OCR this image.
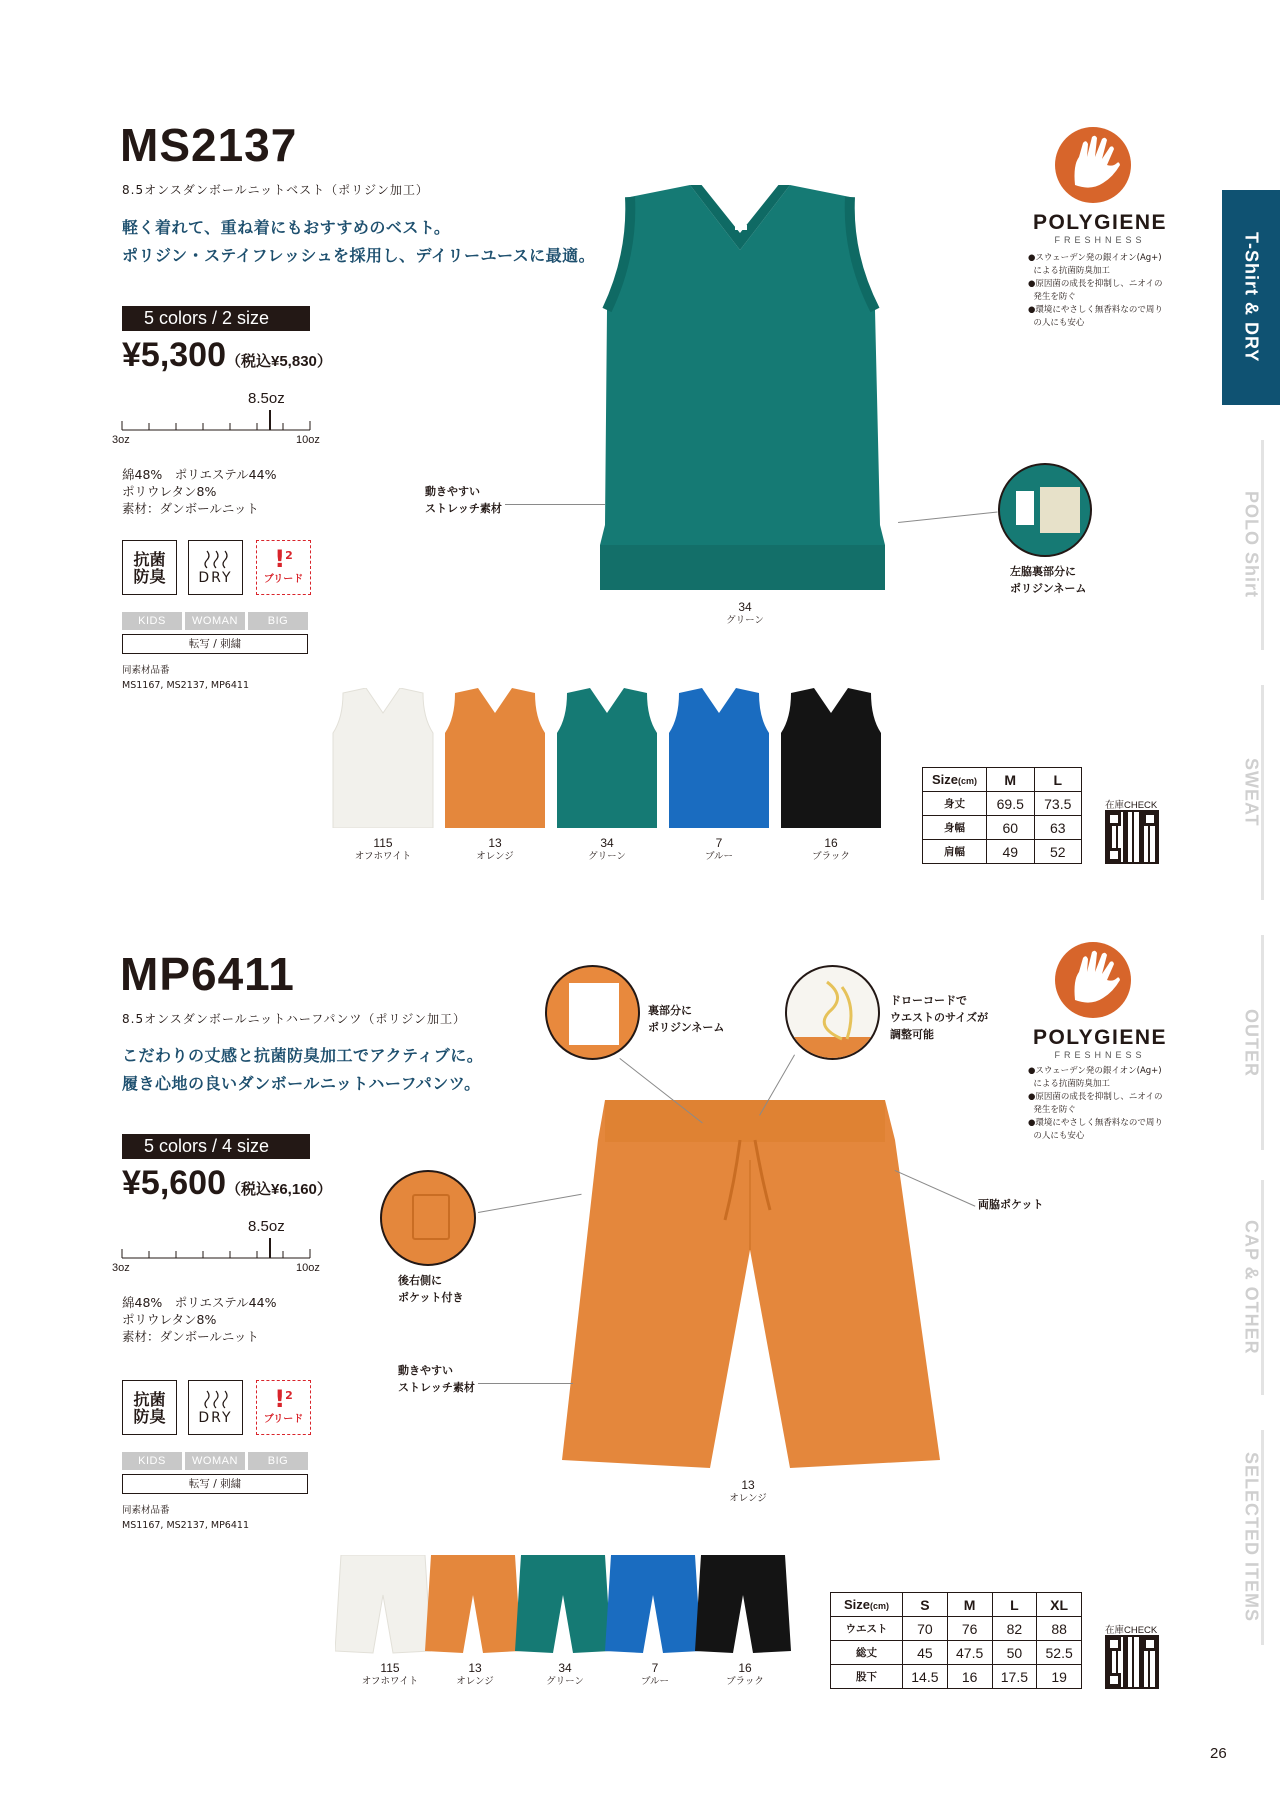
T-Shirt & DRY
POLO Shirt
SWEAT
OUTER
CAP & OTHER
SELECTED ITEMS
26
MS2137
8.5オンスダンボールニットベスト（ポリジン加工）
軽く着れて、重ね着にもおすすめのベスト。
ポリジン・ステイフレッシュを採用し、デイリーユースに最適。
5 colors / 2 size
¥5,300（税込¥5,830）
8.5oz
3oz	10oz
綿48%　ポリエステル44%
ポリウレタン8%
素材：ダンボールニット
抗菌防臭 DRY
! 2
ブリード
KIDS	WOMAN	BIG
転写 / 刺繍
同素材品番
MS1167, MS2137, MP6411
34
グリーン
動きやすい
ストレッチ素材
左脇裏部分に
ポリジンネーム
POLYGIENE
FRESHNESS
●スウェーデン発の銀イオン(Ag+)
による抗菌防臭加工
●原因菌の成長を抑制し、ニオイの
発生を防ぐ
●環境にやさしく無香料なので周り
の人にも安心
115
オフホワイト
13
オレンジ
34
グリーン
7
ブルー
16
ブラック
Size(cm)	M	L
身丈	69.5	73.5
身幅	60	63
肩幅	49	52
在庫CHECK
MP6411
8.5オンスダンボールニットハーフパンツ（ポリジン加工）
こだわりの丈感と抗菌防臭加工でアクティブに。
履き心地の良いダンボールニットハーフパンツ。
5 colors / 4 size
¥5,600（税込¥6,160）
8.5oz
3oz	10oz
綿48%　ポリエステル44%
ポリウレタン8%
素材：ダンボールニット
抗菌防臭 DRY
! 2
ブリード
KIDS	WOMAN	BIG
転写 / 刺繍
同素材品番
MS1167, MS2137, MP6411
13
オレンジ
裏部分に
ポリジンネーム
ドローコードで
ウエストのサイズが
調整可能
両脇ポケット
後右側に
ポケット付き
動きやすい
ストレッチ素材
POLYGIENE
FRESHNESS
●スウェーデン発の銀イオン(Ag+)
による抗菌防臭加工
●原因菌の成長を抑制し、ニオイの
発生を防ぐ
●環境にやさしく無香料なので周り
の人にも安心
115
オフホワイト
13
オレンジ
34
グリーン
7
ブルー
16
ブラック
Size(cm)	S	M	L	XL
ウエスト	70	76	82	88
総丈	45	47.5	50	52.5
股下	14.5	16	17.5	19
在庫CHECK
